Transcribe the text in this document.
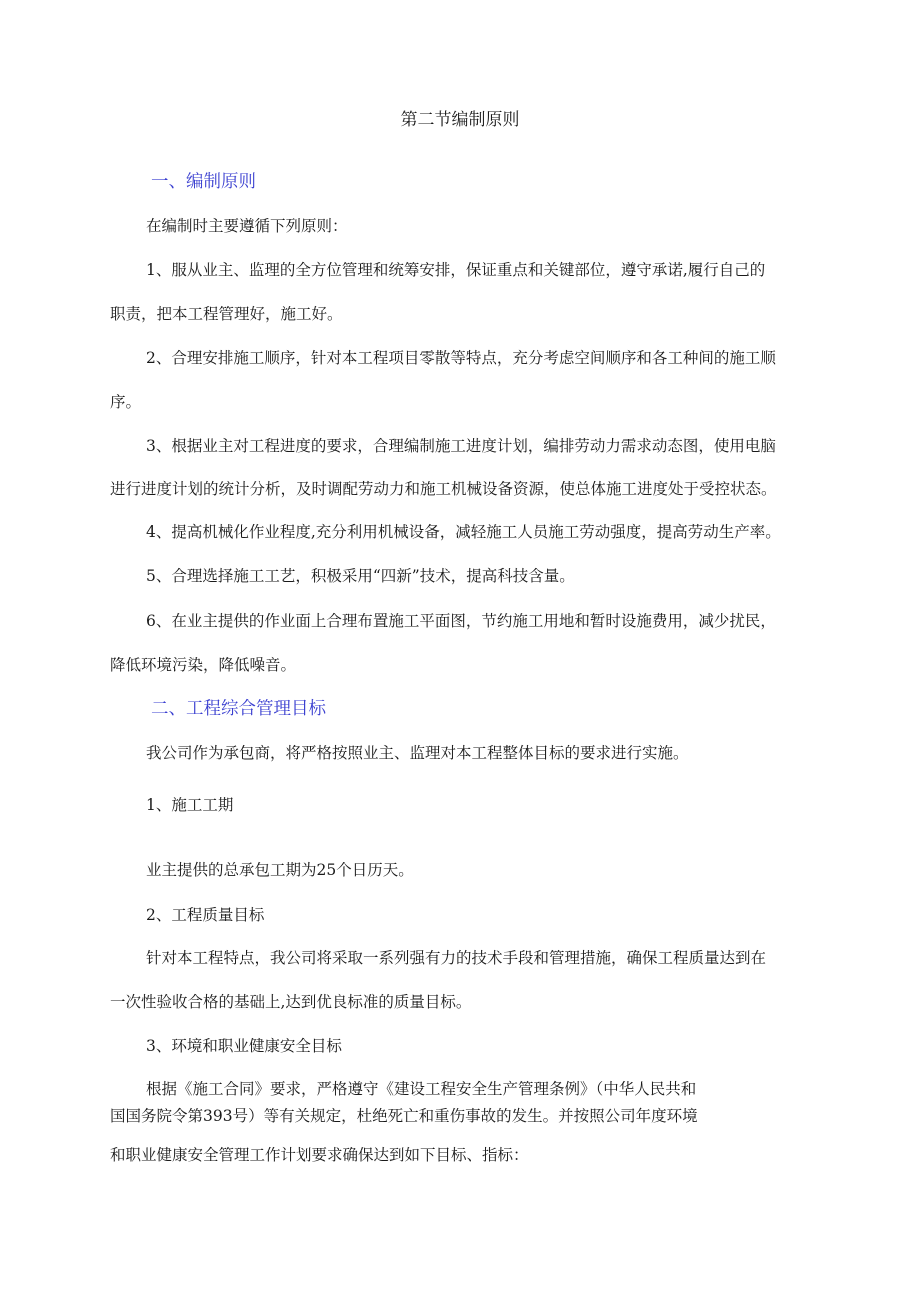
第二节编制原则
一、编制原则
在编制时主要遵循下列原则：
1、服从业主、监理的全方位管理和统筹安排，保证重点和关键部位，遵守承诺,履行自己的
职责，把本工程管理好，施工好。
2、合理安排施工顺序，针对本工程项目零散等特点，充分考虑空间顺序和各工种间的施工顺
序。
3、根据业主对工程进度的要求，合理编制施工进度计划，编排劳动力需求动态图，使用电脑
进行进度计划的统计分析，及时调配劳动力和施工机械设备资源，使总体施工进度处于受控状态。
4、提高机械化作业程度,充分利用机械设备，减轻施工人员施工劳动强度，提高劳动生产率。
5、合理选择施工工艺，积极采用“四新”技术，提高科技含量。
6、在业主提供的作业面上合理布置施工平面图，节约施工用地和暂时设施费用，减少扰民，
降低环境污染，降低噪音。
二、工程综合管理目标
我公司作为承包商，将严格按照业主、监理对本工程整体目标的要求进行实施。
1、施工工期
业主提供的总承包工期为25个日历天。
2、工程质量目标
针对本工程特点，我公司将采取一系列强有力的技术手段和管理措施，确保工程质量达到在
一次性验收合格的基础上,达到优良标准的质量目标。
3、环境和职业健康安全目标
根据《施工合同》要求，严格遵守《建设工程安全生产管理条例》（中华人民共和
国国务院令第393号）等有关规定，杜绝死亡和重伤事故的发生。并按照公司年度环境
和职业健康安全管理工作计划要求确保达到如下目标、指标：
